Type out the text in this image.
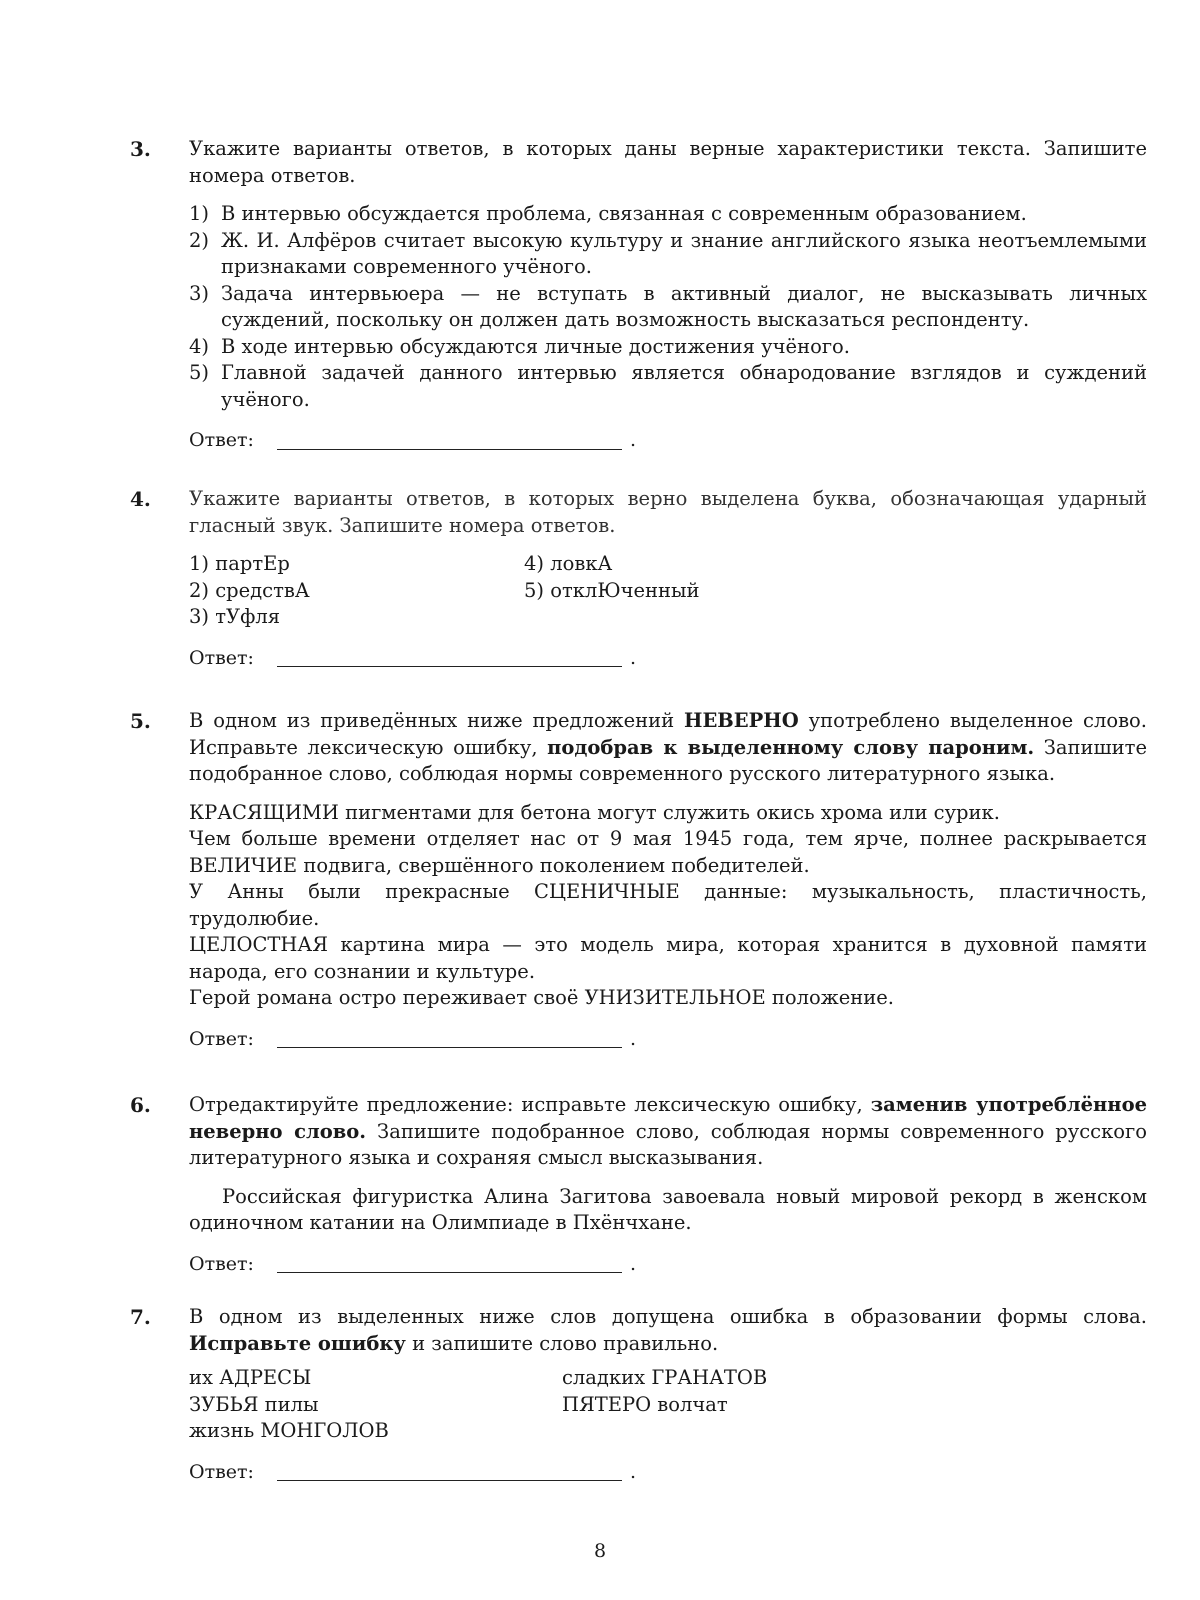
3. Укажите варианты ответов, в которых даны верные характеристики текста. Запишите номера ответов.

1) В интервью обсуждается проблема, связанная с современным образованием.
2) Ж. И. Алфёров считает высокую культуру и знание английского языка неотъемлемыми признаками современного учёного.
3) Задача интервьюера — не вступать в активный диалог, не высказывать личных суждений, поскольку он должен дать возможность высказаться респонденту.
4) В ходе интервью обсуждаются личные достижения учёного.
5) Главной задачей данного интервью является обнародование взглядов и суждений учёного.
Ответ:	.
4. Укажите варианты ответов, в которых верно выделена буква, обозначающая ударный гласный звук. Запишите номера ответов.

1) партЕр
2) средствА
3) тУфля
4) ловкА
5) отклЮченный
Ответ:	.
5. В одном из приведённых ниже предложений НЕВЕРНО употреблено выделенное слово. Исправьте лексическую ошибку, подобрав к выделенному слову пароним. Запишите подобранное слово, соблюдая нормы современного русского литературного языка.

КРАСЯЩИМИ пигментами для бетона могут служить окись хрома или сурик.

Чем больше времени отделяет нас от 9 мая 1945 года, тем ярче, полнее раскрывается ВЕЛИЧИЕ подвига, свершённого поколением победителей.

У Анны были прекрасные СЦЕНИЧНЫЕ данные: музыкальность, пластичность, трудолюбие.

ЦЕЛОСТНАЯ картина мира — это модель мира, которая хранится в духовной памяти народа, его сознании и культуре.

Герой романа остро переживает своё УНИЗИТЕЛЬНОЕ положение.

Ответ:	.
6. Отредактируйте предложение: исправьте лексическую ошибку, заменив употреблённое неверно слово. Запишите подобранное слово, соблюдая нормы современного русского литературного языка и сохраняя смысл высказывания.

Российская фигуристка Алина Загитова завоевала новый мировой рекорд в женском одиночном катании на Олимпиаде в Пхёнчхане.

Ответ:	.
7. В одном из выделенных ниже слов допущена ошибка в образовании формы слова. Исправьте ошибку и запишите слово правильно.

их АДРЕСЫ
ЗУБЬЯ пилы
жизнь МОНГОЛОВ
сладких ГРАНАТОВ
ПЯТЕРО волчат
Ответ:	.
8
